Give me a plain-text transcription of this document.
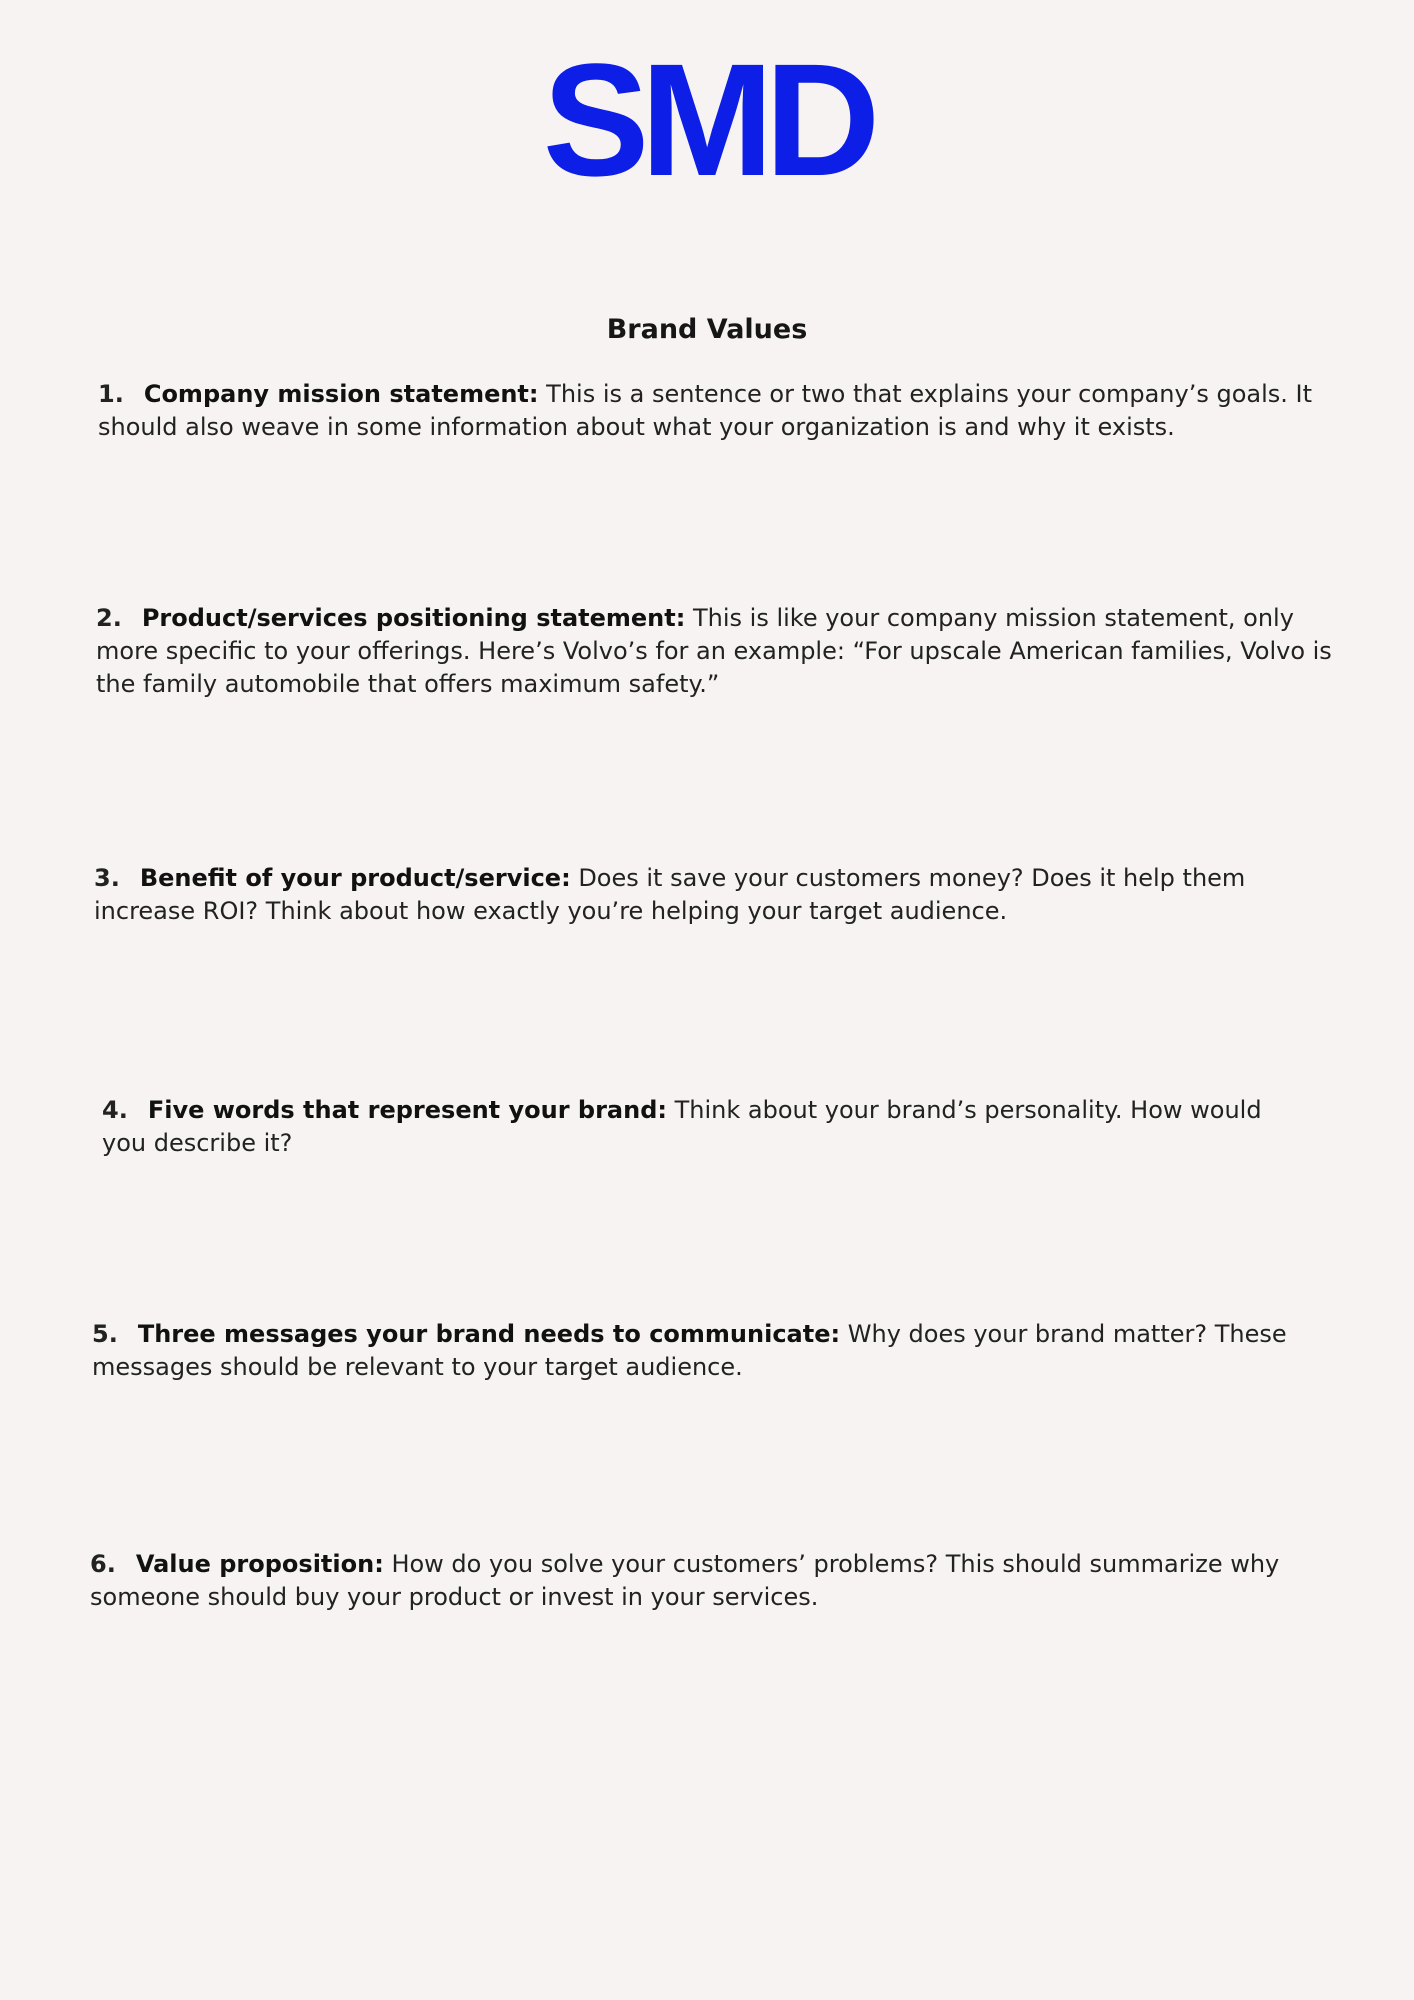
SMD
Brand Values
1. Company mission statement: This is a sentence or two that explains your company’s goals. It should also weave in some information about what your organization is and why it exists.
2. Product/services positioning statement: This is like your company mission statement, only more specific to your offerings. Here’s Volvo’s for an example: “For upscale American families, Volvo is the family automobile that offers maximum safety.”
3. Benefit of your product/service: Does it save your customers money? Does it help them increase ROI? Think about how exactly you’re helping your target audience.
4. Five words that represent your brand: Think about your brand’s personality. How would you describe it?
5. Three messages your brand needs to communicate: Why does your brand matter? These messages should be relevant to your target audience.
6. Value proposition: How do you solve your customers’ problems? This should summarize why someone should buy your product or invest in your services.
